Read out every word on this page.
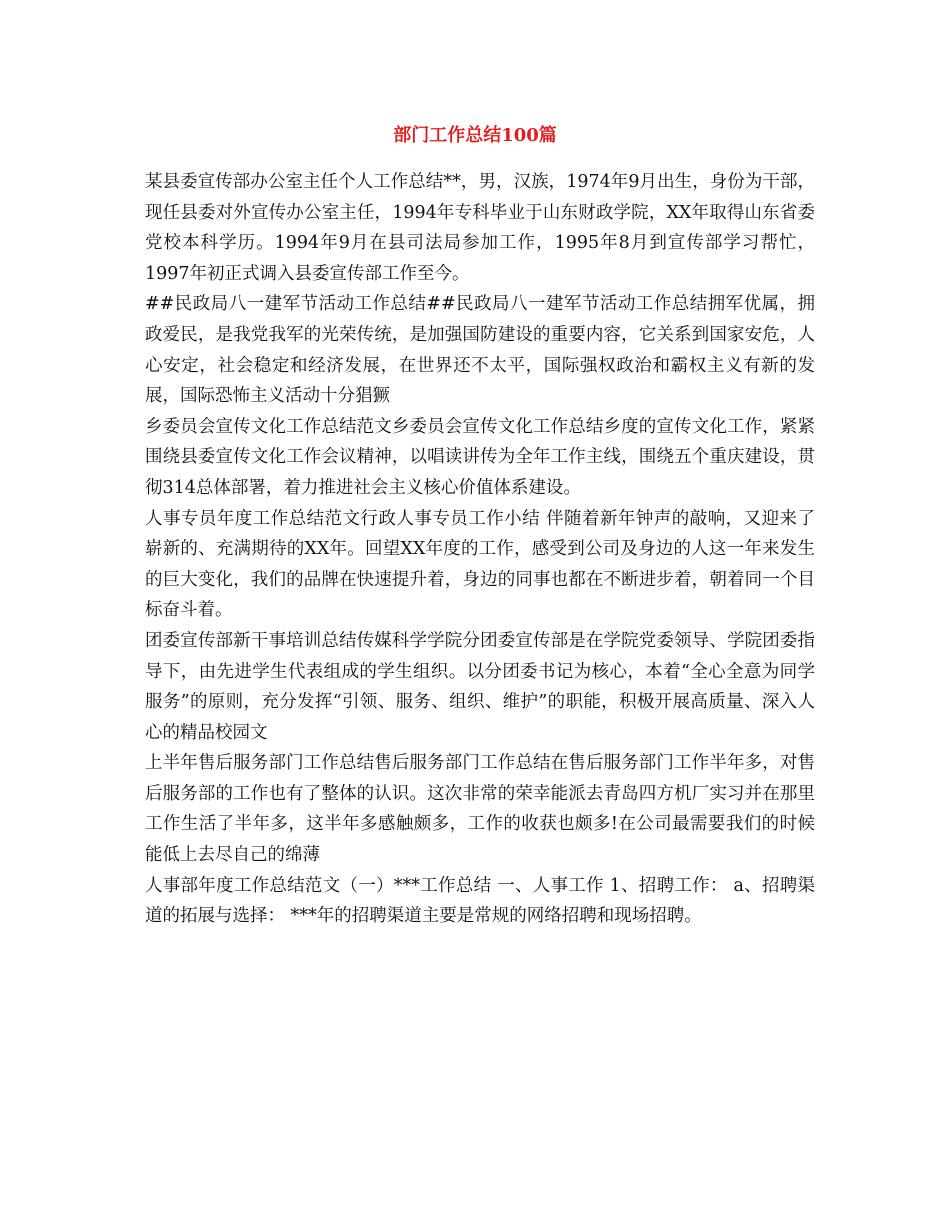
部门工作总结100篇

某县委宣传部办公室主任个人工作总结**，男，汉族，1974年9月出生，身份为干部，现任县委对外宣传办公室主任，1994年专科毕业于山东财政学院，XX年取得山东省委党校本科学历。1994年9月在县司法局参加工作，1995年8月到宣传部学习帮忙，1997年初正式调入县委宣传部工作至今。

##民政局八一建军节活动工作总结##民政局八一建军节活动工作总结拥军优属，拥政爱民，是我党我军的光荣传统，是加强国防建设的重要内容，它关系到国家安危，人心安定，社会稳定和经济发展，在世界还不太平，国际强权政治和霸权主义有新的发展，国际恐怖主义活动十分猖獗

乡委员会宣传文化工作总结范文乡委员会宣传文化工作总结乡度的宣传文化工作，紧紧围绕县委宣传文化工作会议精神，以唱读讲传为全年工作主线，围绕五个重庆建设，贯彻314总体部署，着力推进社会主义核心价值体系建设。

人事专员年度工作总结范文行政人事专员工作小结 伴随着新年钟声的敲响，又迎来了崭新的、充满期待的XX年。回望XX年度的工作，感受到公司及身边的人这一年来发生的巨大变化，我们的品牌在快速提升着，身边的同事也都在不断进步着，朝着同一个目标奋斗着。

团委宣传部新干事培训总结传媒科学学院分团委宣传部是在学院党委领导、学院团委指导下，由先进学生代表组成的学生组织。以分团委书记为核心，本着“全心全意为同学服务”的原则，充分发挥“引领、服务、组织、维护”的职能，积极开展高质量、深入人心的精品校园文

上半年售后服务部门工作总结售后服务部门工作总结在售后服务部门工作半年多，对售后服务部的工作也有了整体的认识。这次非常的荣幸能派去青岛四方机厂实习并在那里工作生活了半年多，这半年多感触颇多，工作的收获也颇多!在公司最需要我们的时候能低上去尽自己的绵薄

人事部年度工作总结范文（一）***工作总结 一、人事工作 1、招聘工作： a、招聘渠道的拓展与选择： ***年的招聘渠道主要是常规的网络招聘和现场招聘。
